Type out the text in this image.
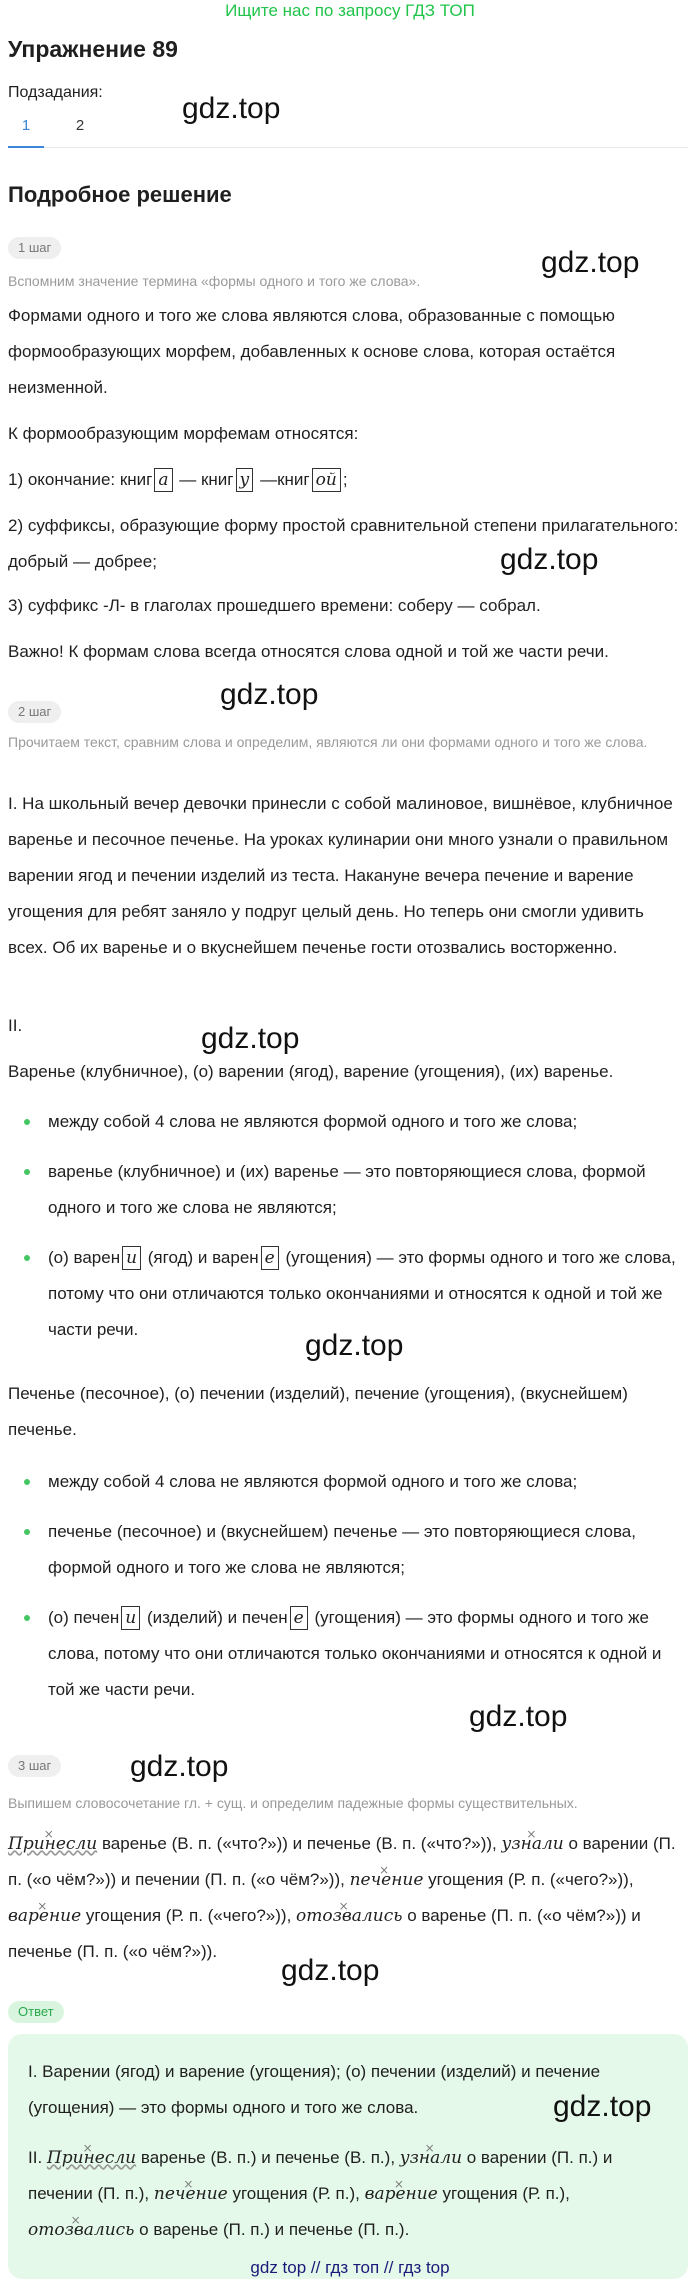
Ищите нас по запросу ГДЗ ТОП
Упражнение 89
Подзадания:
1	2
Подробное решение
gdz.top
gdz.top
gdz.top
gdz.top
gdz.top
gdz.top
gdz.top
gdz.top
gdz.top
gdz.top
1 шаг
Вспомним значение термина «формы одного и того же слова».
Формами одного и того же слова являются слова, образованные с помощью формообразующих морфем, добавленных к основе слова, которая остаётся неизменной.
К формообразующим морфемам относятся:
1) окончание: книг а — книг у —книг ой ;
2) суффиксы, образующие форму простой сравнительной степени прилагательного: добрый — добрее;
3) суффикс -Л- в глаголах прошедшего времени: соберу — собрал.
Важно! К формам слова всегда относятся слова одной и той же части речи.
2 шаг
Прочитаем текст, сравним слова и определим, являются ли они формами одного и того же слова.
I. На школьный вечер девочки принесли с собой малиновое, вишнёвое, клубничное варенье и песочное печенье. На уроках кулинарии они много узнали о правильном варении ягод и печении изделий из теста. Накануне вечера печение и варение угощения для ребят заняло у подруг целый день. Но теперь они смогли удивить всех. Об их варенье и о вкуснейшем печенье гости отозвались восторженно.
II.
Варенье (клубничное), (о) варении (ягод), варение (угощения), (их) варенье.
между собой 4 слова не являются формой одного и того же слова;
варенье (клубничное) и (их) варенье — это повторяющиеся слова, формой одного и того же слова не являются;
(о) варен и (ягод) и варен е (угощения) — это формы одного и того же слова, потому что они отличаются только окончаниями и относятся к одной и той же части речи.
Печенье (песочное), (о) печении (изделий), печение (угощения), (вкуснейшем) печенье.
между собой 4 слова не являются формой одного и того же слова;
печенье (песочное) и (вкуснейшем) печенье — это повторяющиеся слова, формой одного и того же слова не являются;
(о) печен и (изделий) и печен е (угощения) — это формы одного и того же слова, потому что они отличаются только окончаниями и относятся к одной и той же части речи.
3 шаг
Выпишем словосочетание гл. + сущ. и определим падежные формы существительных.
× Принесли варенье (В. п. («что?»)) и печенье (В. п. («что?»)), × узнали о варении (П. п. («о чём?»)) и печении (П. п. («о чём?»)), × печение угощения (Р. п. («чего?»)), × варение угощения (Р. п. («чего?»)), × отозвались о варенье (П. п. («о чём?»)) и печенье (П. п. («о чём?»)).
Ответ
I. Варении (ягод) и варение (угощения); (о) печении (изделий) и печение (угощения) — это формы одного и того же слова.
II. × Принесли варенье (В. п.) и печенье (В. п.), × узнали о варении (П. п.) и печении (П. п.), × печение угощения (Р. п.), × варение угощения (Р. п.), × отозвались о варенье (П. п.) и печенье (П. п.).
gdz top // гдз топ // гдз top
